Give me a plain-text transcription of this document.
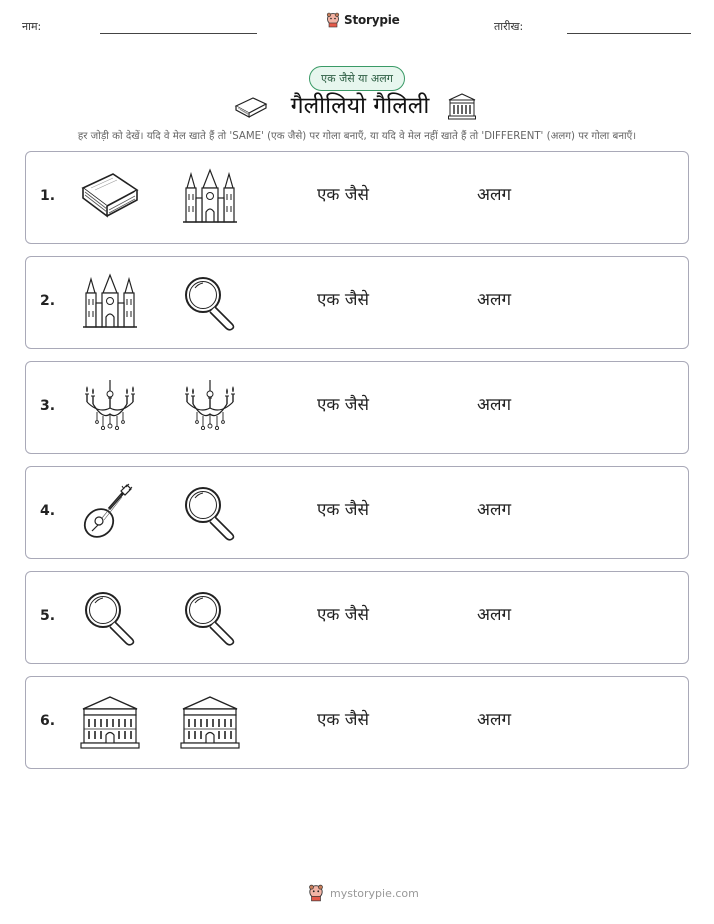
नाम:	Storypie	तारीख:
एक जैसे या अलग
गैलीलियो गैलिली
हर जोड़ी को देखें। यदि वे मेल खाते हैं तो 'SAME' (एक जैसे) पर गोला बनाएँ, या यदि वे मेल नहीं खाते हैं तो 'DIFFERENT' (अलग) पर गोला बनाएँ।
1.	एक जैसे	अलग
2.	एक जैसे	अलग
3.	एक जैसे	अलग
4.	एक जैसे	अलग
5.	एक जैसे	अलग
6.	एक जैसे	अलग
mystorypie.com
